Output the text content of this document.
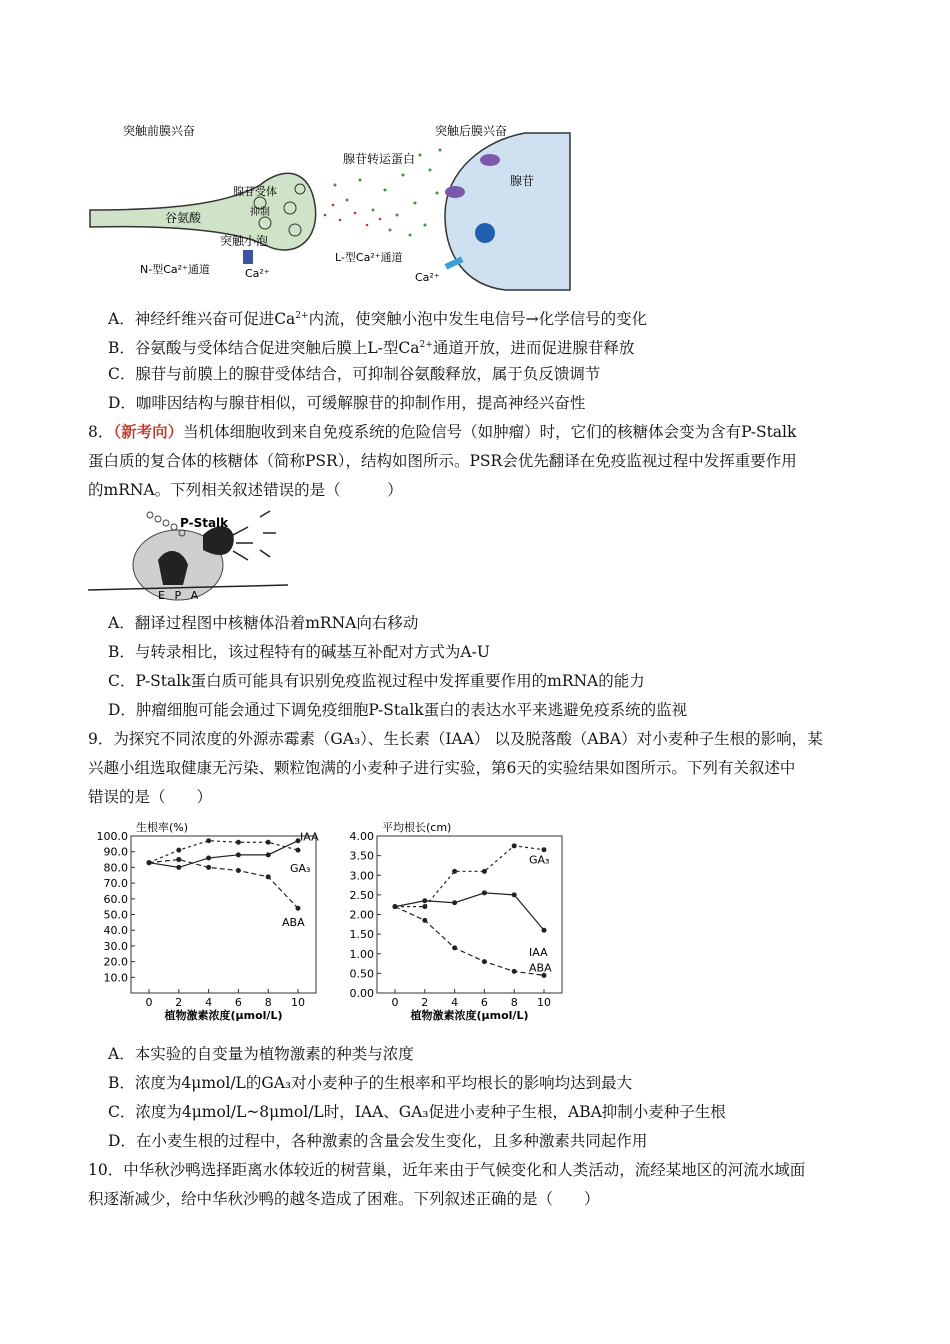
突触前膜兴奋	突触后膜兴奋
腺苷转运蛋白
腺苷
腺苷受体
抑制
谷氨酸
突触小泡
N-型Ca²⁺通道	Ca²⁺
L-型Ca²⁺通道
Ca²⁺
A．神经纤维兴奋可促进$Ca^{2+}$内流，使突触小泡中发生电信号→化学信号的变化
B．谷氨酸与受体结合促进突触后膜上L-型$Ca^{2+}$通道开放，进而促进腺苷释放
C．腺苷与前膜上的腺苷受体结合，可抑制谷氨酸释放，属于负反馈调节
D．咖啡因结构与腺苷相似，可缓解腺苷的抑制作用，提高神经兴奋性
8．（新考向）当机体细胞收到来自免疫系统的危险信号（如肿瘤）时，它们的核糖体会变为含有P-Stalk
蛋白质的复合体的核糖体（简称PSR），结构如图所示。PSR会优先翻译在免疫监视过程中发挥重要作用
的mRNA。下列相关叙述错误的是（　　　）
P-Stalk
E P A
A．翻译过程图中核糖体沿着mRNA向右移动
B．与转录相比，该过程特有的碱基互补配对方式为A-U
C．P-Stalk蛋白质可能具有识别免疫监视过程中发挥重要作用的mRNA的能力
D．肿瘤细胞可能会通过下调免疫细胞P-Stalk蛋白的表达水平来逃避免疫系统的监视
9．为探究不同浓度的外源赤霉素（GA₃）、生长素（IAA） 以及脱落酸（ABA）对小麦种子生根的影响，某
兴趣小组选取健康无污染、颗粒饱满的小麦种子进行实验，第6天的实验结果如图所示。下列有关叙述中
错误的是（　　）
生根率(%)
100.0
90.0
80.0
70.0
60.0
50.0
40.0
30.0
20.0
10.0
0 2 4 6 8 10
植物激素浓度(μmol/L)
IAA
GA₃
ABA
平均根长(cm)
4.00
3.50
3.00
2.50
2.00
1.50
1.00
0.50
0.00
0 2 4 6 8 10
植物激素浓度(μmol/L)
GA₃
IAA
ABA
A．本实验的自变量为植物激素的种类与浓度
B．浓度为4μmol/L的GA₃对小麦种子的生根率和平均根长的影响均达到最大
C．浓度为4μmol/L~8μmol/L时，IAA、GA₃促进小麦种子生根，ABA抑制小麦种子生根
D．在小麦生根的过程中，各种激素的含量会发生变化，且多种激素共同起作用
10．中华秋沙鸭选择距离水体较近的树营巢，近年来由于气候变化和人类活动，流经某地区的河流水域面
积逐渐减少，给中华秋沙鸭的越冬造成了困难。下列叙述正确的是（　　）
